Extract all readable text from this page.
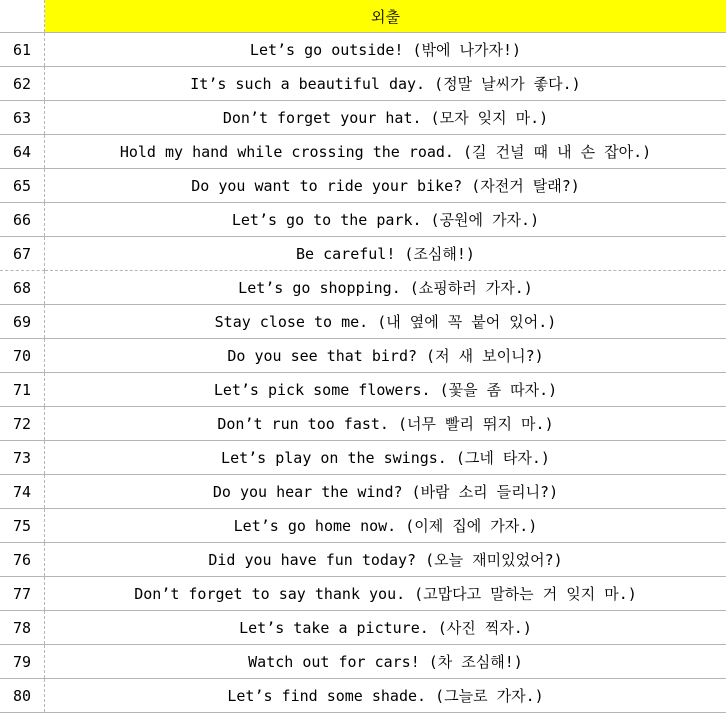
	외출
61	Let’s go outside! (밖에 나가자!)
62	It’s such a beautiful day. (정말 날씨가 좋다.)
63	Don’t forget your hat. (모자 잊지 마.)
64	Hold my hand while crossing the road. (길 건널 때 내 손 잡아.)
65	Do you want to ride your bike? (자전거 탈래?)
66	Let’s go to the park. (공원에 가자.)
67	Be careful! (조심해!)
68	Let’s go shopping. (쇼핑하러 가자.)
69	Stay close to me. (내 옆에 꼭 붙어 있어.)
70	Do you see that bird? (저 새 보이니?)
71	Let’s pick some flowers. (꽃을 좀 따자.)
72	Don’t run too fast. (너무 빨리 뛰지 마.)
73	Let’s play on the swings. (그네 타자.)
74	Do you hear the wind? (바람 소리 들리니?)
75	Let’s go home now. (이제 집에 가자.)
76	Did you have fun today? (오늘 재미있었어?)
77	Don’t forget to say thank you. (고맙다고 말하는 거 잊지 마.)
78	Let’s take a picture. (사진 찍자.)
79	Watch out for cars! (차 조심해!)
80	Let’s find some shade. (그늘로 가자.)
